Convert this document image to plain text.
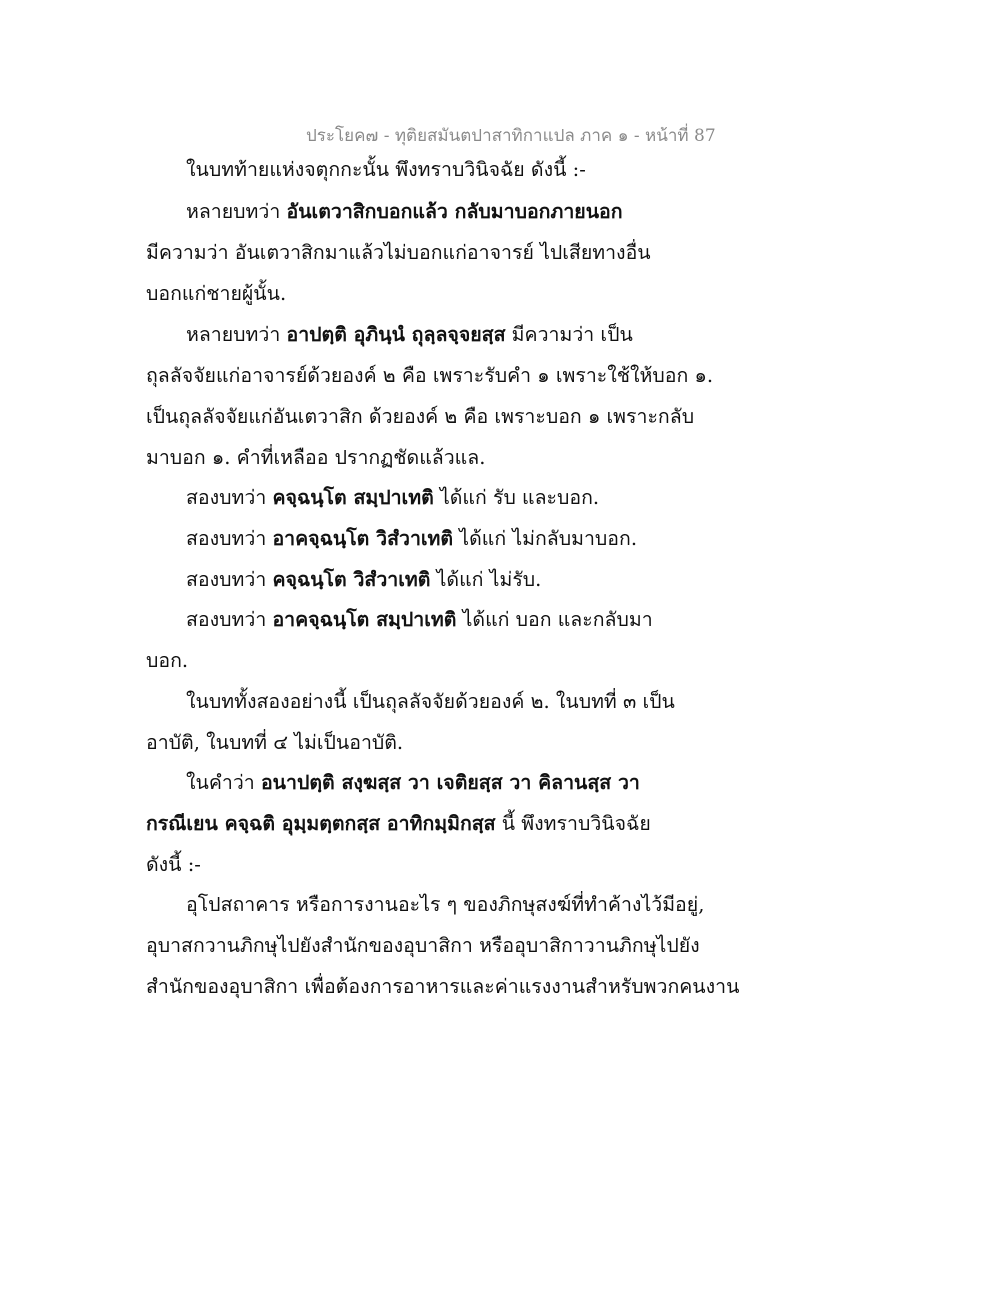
ประโยค๗ - ทุติยสมันตปาสาทิกาแปล ภาค ๑ - หน้าที่ 87
ในบทท้ายแห่งจตุกกะนั้น พึงทราบวินิจฉัย ดังนี้ :-
หลายบทว่า อันเตวาสิกบอกแล้ว กลับมาบอกภายนอก
มีความว่า อันเตวาสิกมาแล้วไม่บอกแก่อาจารย์ ไปเสียทางอื่น
บอกแก่ชายผู้นั้น.
หลายบทว่า อาปตฺติ อุภินฺนํ ถุลฺลจฺจยสฺส มีความว่า เป็น
ถุลลัจจัยแก่อาจารย์ด้วยองค์ ๒ คือ เพราะรับคำ ๑ เพราะใช้ให้บอก ๑.
เป็นถุลลัจจัยแก่อันเตวาสิก ด้วยองค์ ๒ คือ เพราะบอก ๑ เพราะกลับ
มาบอก ๑. คำที่เหลืออ ปรากฏชัดแล้วแล.
สองบทว่า คจฺฉนฺโต สมฺปาเทติ ได้แก่ รับ และบอก.
สองบทว่า อาคจฺฉนฺโต วิสํวาเทติ ได้แก่ ไม่กลับมาบอก.
สองบทว่า คจฺฉนฺโต วิสํวาเทติ ได้แก่ ไม่รับ.
สองบทว่า อาคจฺฉนฺโต สมฺปาเทติ ได้แก่ บอก และกลับมา
บอก.
ในบททั้งสองอย่างนี้ เป็นถุลลัจจัยด้วยองค์ ๒. ในบทที่ ๓ เป็น
อาบัติ, ในบทที่ ๔ ไม่เป็นอาบัติ.
ในคำว่า อนาปตฺติ สงฺฆสฺส วา เจติยสฺส วา คิลานสฺส วา
กรณีเยน คจฺฉติ อุมฺมตฺตกสฺส อาทิกมฺมิกสฺส นี้ พึงทราบวินิจฉัย
ดังนี้ :-
อุโปสถาคาร หรือการงานอะไร ๆ ของภิกษุสงฆ์ที่ทำค้างไว้มีอยู่,
อุบาสกวานภิกษุไปยังสำนักของอุบาสิกา หรืออุบาสิกาวานภิกษุไปยัง
สำนักของอุบาสิกา เพื่อต้องการอาหารและค่าแรงงานสำหรับพวกคนงาน
